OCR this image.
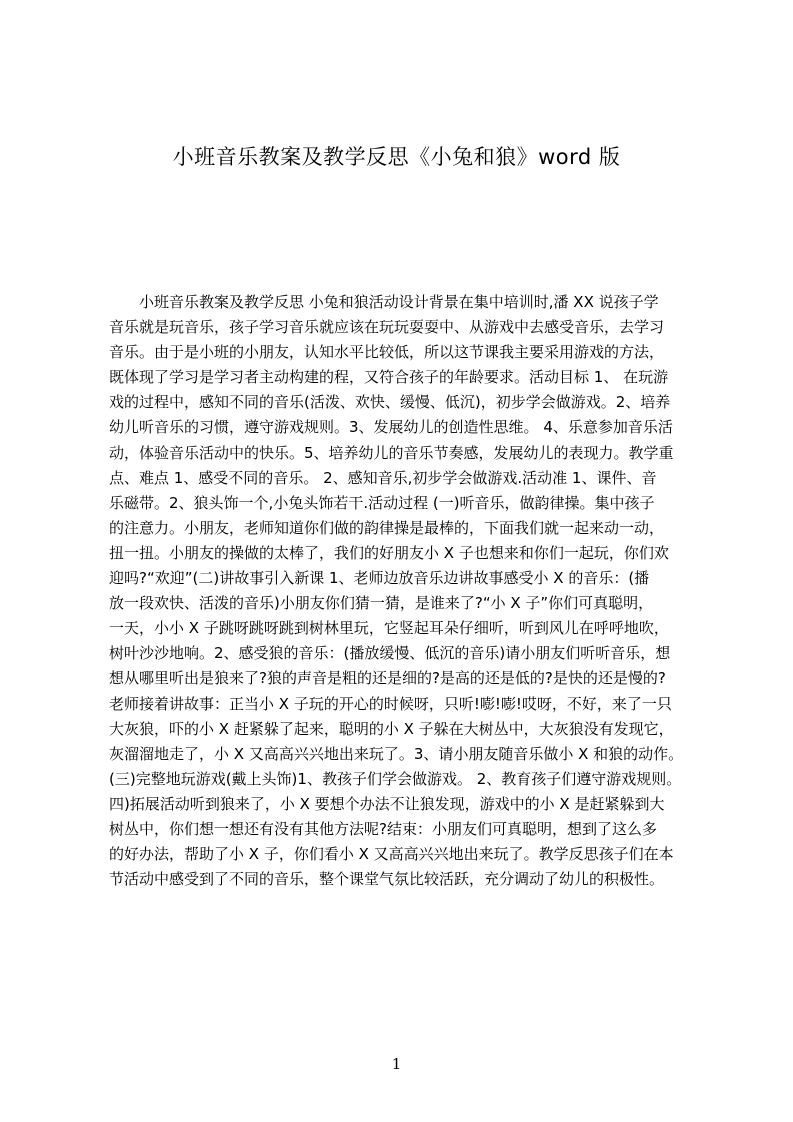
小班音乐教案及教学反思《小兔和狼》word 版
小班音乐教案及教学反思 小兔和狼活动设计背景在集中培训时,潘 XX 说孩子学
音乐就是玩音乐，孩子学习音乐就应该在玩玩耍耍中、从游戏中去感受音乐，去学习
音乐。由于是小班的小朋友，认知水平比较低，所以这节课我主要采用游戏的方法，
既体现了学习是学习者主动构建的程，又符合孩子的年龄要求。活动目标 1、 在玩游
戏的过程中，感知不同的音乐(活泼、欢快、缓慢、低沉)，初步学会做游戏。2、培养
幼儿听音乐的习惯，遵守游戏规则。3、发展幼儿的创造性思维。 4、乐意参加音乐活
动，体验音乐活动中的快乐。5、培养幼儿的音乐节奏感，发展幼儿的表现力。教学重
点、难点 1、感受不同的音乐。 2、感知音乐,初步学会做游戏.活动准 1、课件、音
乐磁带。2、狼头饰一个,小兔头饰若干.活动过程 (一)听音乐，做韵律操。集中孩子
的注意力。小朋友，老师知道你们做的韵律操是最棒的，下面我们就一起来动一动，
扭一扭。小朋友的操做的太棒了，我们的好朋友小 X 子也想来和你们一起玩，你们欢
迎吗?“欢迎”(二)讲故事引入新课 1、老师边放音乐边讲故事感受小 X 的音乐：(播
放一段欢快、活泼的音乐)小朋友你们猜一猜，是谁来了?“小 X 子”你们可真聪明，
一天，小小 X 子跳呀跳呀跳到树林里玩，它竖起耳朵仔细听，听到风儿在呼呼地吹，
树叶沙沙地响。2、感受狼的音乐：(播放缓慢、低沉的音乐)请小朋友们听听音乐，想
想从哪里听出是狼来了?狼的声音是粗的还是细的?是高的还是低的?是快的还是慢的?
老师接着讲故事：正当小 X 子玩的开心的时候呀，只听!嘭!嘭!哎呀，不好，来了一只
大灰狼，吓的小 X 赶紧躲了起来，聪明的小 X 子躲在大树丛中，大灰狼没有发现它，
灰溜溜地走了，小 X 又高高兴兴地出来玩了。3、请小朋友随音乐做小 X 和狼的动作。
(三)完整地玩游戏(戴上头饰)1、教孩子们学会做游戏。 2、教育孩子们遵守游戏规则。
四)拓展活动听到狼来了，小 X 要想个办法不让狼发现，游戏中的小 X 是赶紧躲到大
树丛中，你们想一想还有没有其他方法呢?结束：小朋友们可真聪明，想到了这么多
的好办法，帮助了小 X 子，你们看小 X 又高高兴兴地出来玩了。教学反思孩子们在本
节活动中感受到了不同的音乐，整个课堂气氛比较活跃，充分调动了幼儿的积极性。
1
